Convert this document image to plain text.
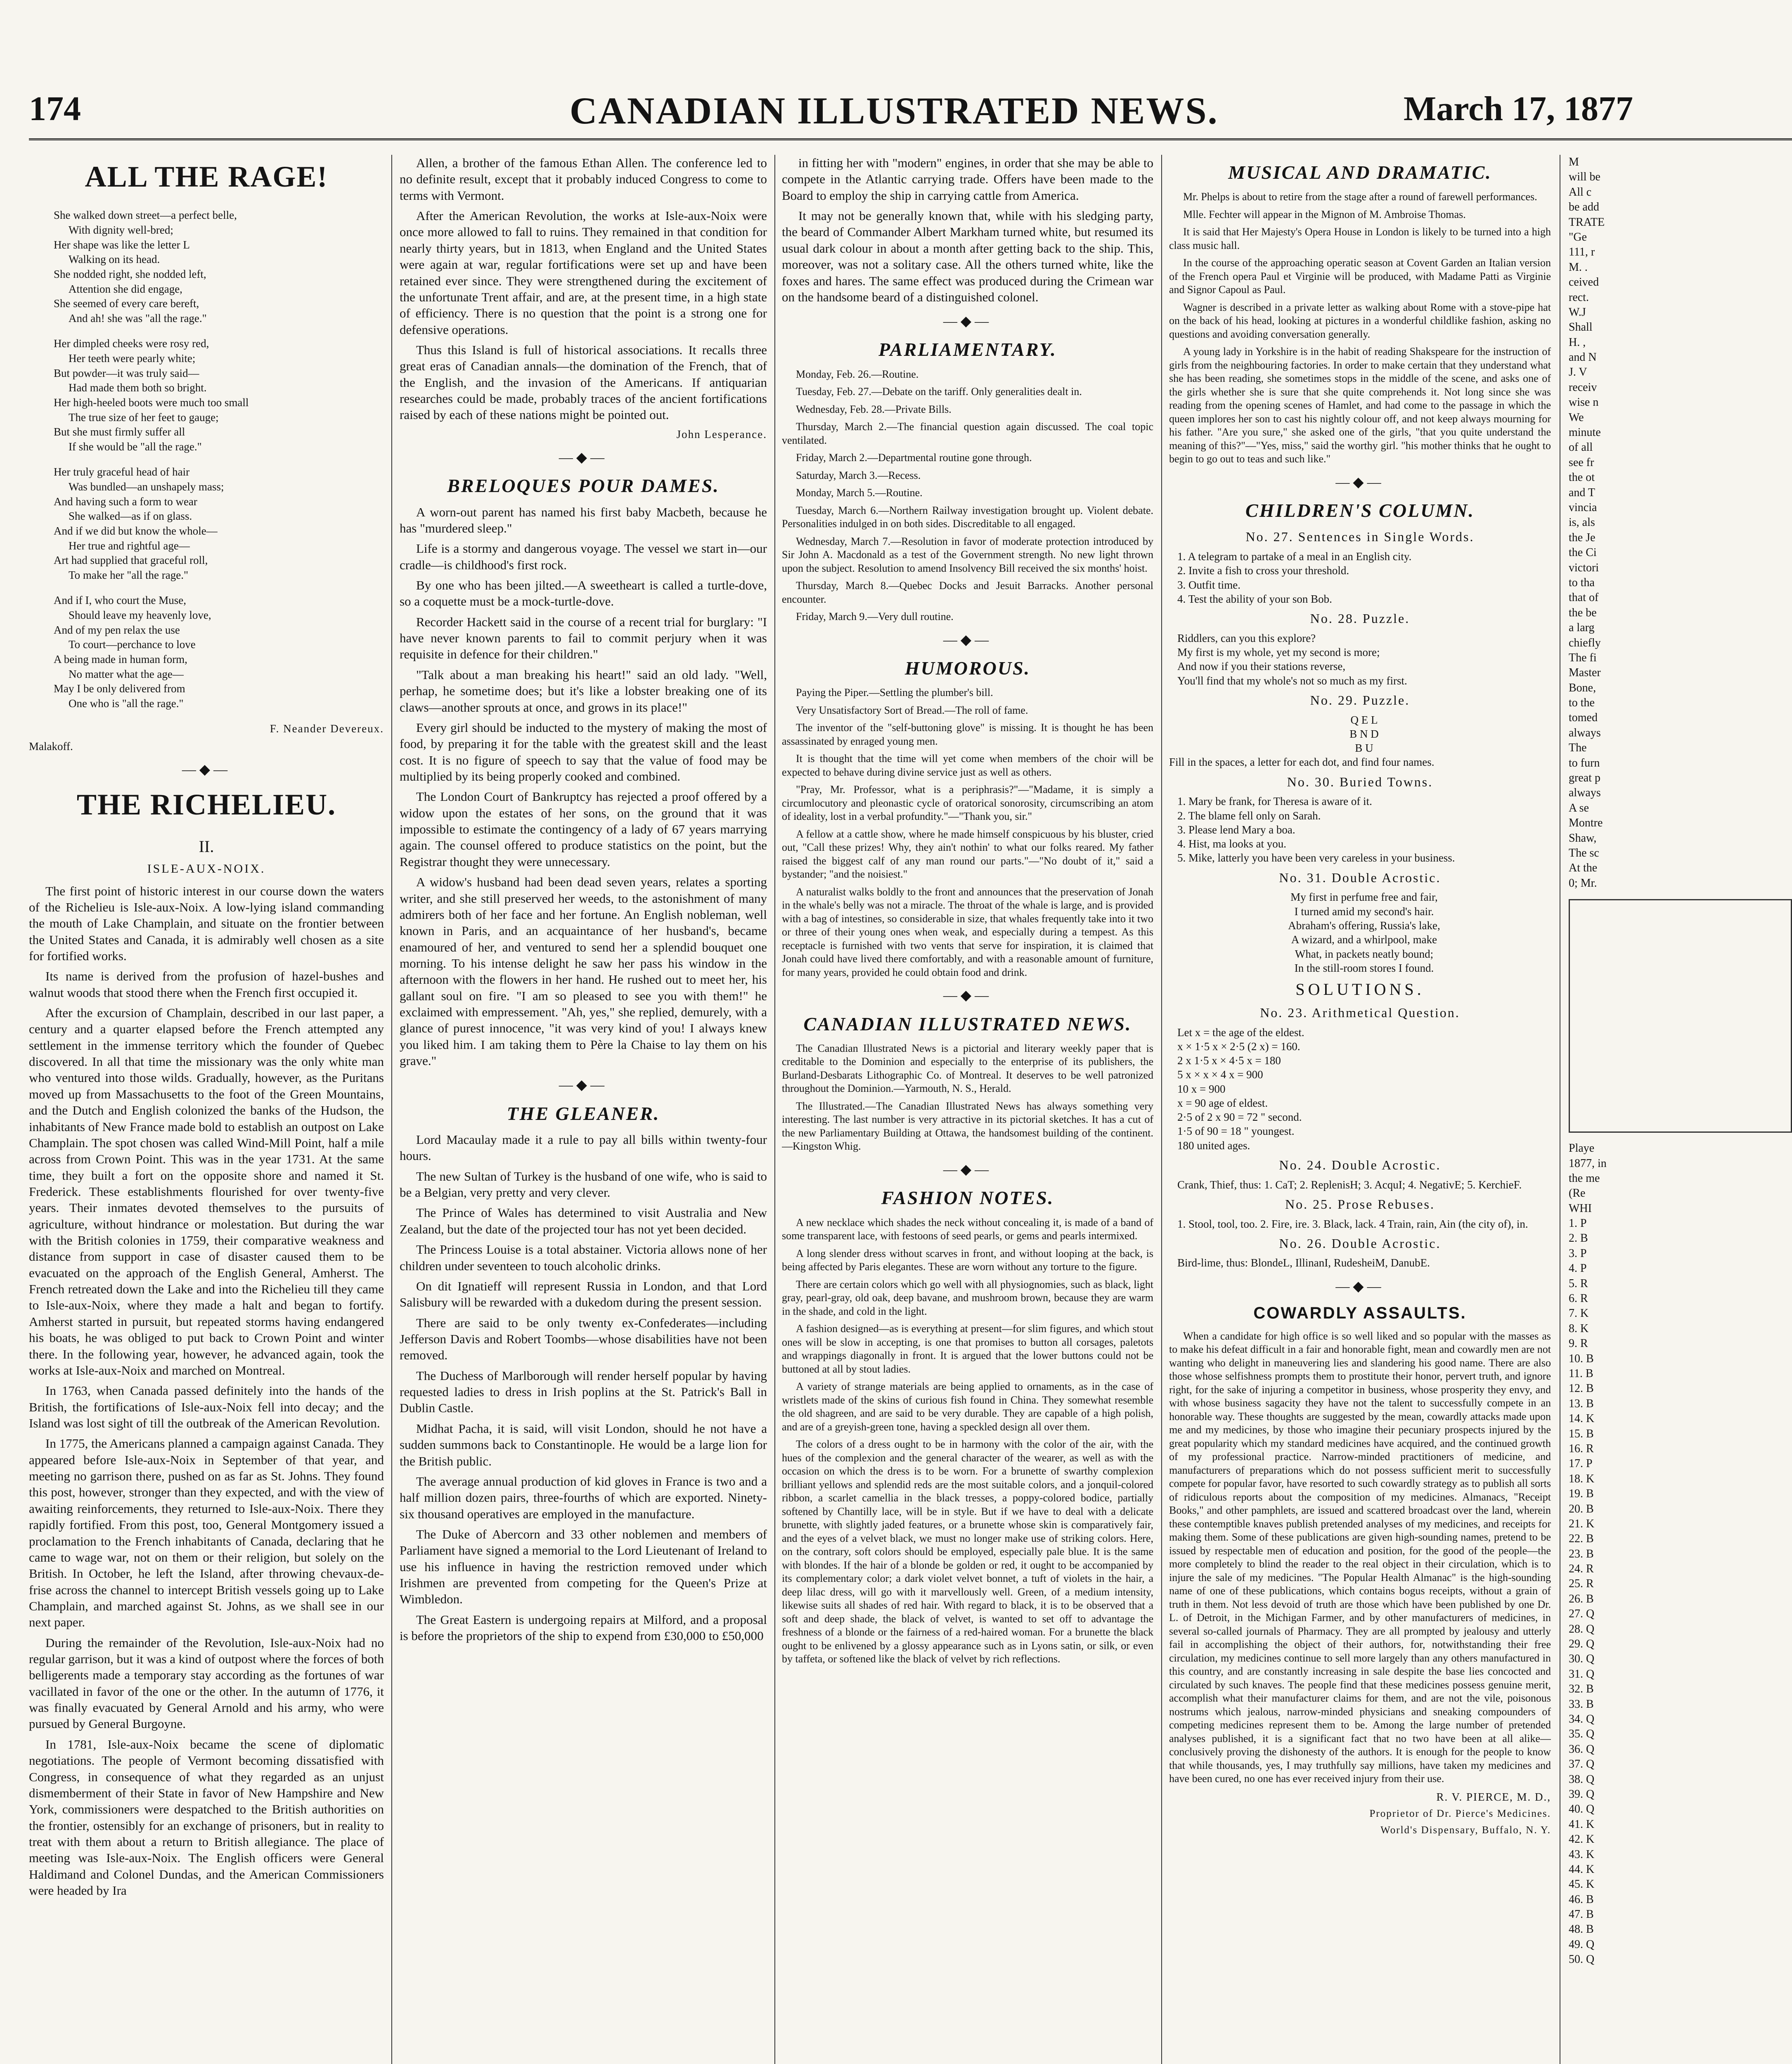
174	CANADIAN ILLUSTRATED NEWS.	March 17, 1877
ALL THE RAGE!
She walked down street—a perfect belle,
With dignity well-bred;
Her shape was like the letter L
Walking on its head.
She nodded right, she nodded left,
Attention she did engage,
She seemed of every care bereft,
And ah! she was "all the rage."
Her dimpled cheeks were rosy red,
Her teeth were pearly white;
But powder—it was truly said—
Had made them both so bright.
Her high-heeled boots were much too small
The true size of her feet to gauge;
But she must firmly suffer all
If she would be "all the rage."
Her truly graceful head of hair
Was bundled—an unshapely mass;
And having such a form to wear
She walked—as if on glass.
And if we did but know the whole—
Her true and rightful age—
Art had supplied that graceful roll,
To make her "all the rage."
And if I, who court the Muse,
Should leave my heavenly love,
And of my pen relax the use
To court—perchance to love
A being made in human form,
No matter what the age—
May I be only delivered from
One who is "all the rage."
F. Neander Devereux.
Malakoff.
—◆—
THE RICHELIEU.
II.
ISLE-AUX-NOIX.

The first point of historic interest in our course down the waters of the Richelieu is Isle-aux-Noix. A low-lying island commanding the mouth of Lake Champlain, and situate on the frontier between the United States and Canada, it is admirably well chosen as a site for fortified works.

Its name is derived from the profusion of hazel-bushes and walnut woods that stood there when the French first occupied it.

After the excursion of Champlain, described in our last paper, a century and a quarter elapsed before the French attempted any settlement in the immense territory which the founder of Quebec discovered. In all that time the missionary was the only white man who ventured into those wilds. Gradually, however, as the Puritans moved up from Massachusetts to the foot of the Green Mountains, and the Dutch and English colonized the banks of the Hudson, the inhabitants of New France made bold to establish an outpost on Lake Champlain. The spot chosen was called Wind-Mill Point, half a mile across from Crown Point. This was in the year 1731. At the same time, they built a fort on the opposite shore and named it St. Frederick. These establishments flourished for over twenty-five years. Their inmates devoted themselves to the pursuits of agriculture, without hindrance or molestation. But during the war with the British colonies in 1759, their comparative weakness and distance from support in case of disaster caused them to be evacuated on the approach of the English General, Amherst. The French retreated down the Lake and into the Richelieu till they came to Isle-aux-Noix, where they made a halt and began to fortify. Amherst started in pursuit, but repeated storms having endangered his boats, he was obliged to put back to Crown Point and winter there. In the following year, however, he advanced again, took the works at Isle-aux-Noix and marched on Montreal.

In 1763, when Canada passed definitely into the hands of the British, the fortifications of Isle-aux-Noix fell into decay; and the Island was lost sight of till the outbreak of the American Revolution.

In 1775, the Americans planned a campaign against Canada. They appeared before Isle-aux-Noix in September of that year, and meeting no garrison there, pushed on as far as St. Johns. They found this post, however, stronger than they expected, and with the view of awaiting reinforcements, they returned to Isle-aux-Noix. There they rapidly fortified. From this post, too, General Montgomery issued a proclamation to the French inhabitants of Canada, declaring that he came to wage war, not on them or their religion, but solely on the British. In October, he left the Island, after throwing chevaux-de-frise across the channel to intercept British vessels going up to Lake Champlain, and marched against St. Johns, as we shall see in our next paper.

During the remainder of the Revolution, Isle-aux-Noix had no regular garrison, but it was a kind of outpost where the forces of both belligerents made a temporary stay according as the fortunes of war vacillated in favor of the one or the other. In the autumn of 1776, it was finally evacuated by General Arnold and his army, who were pursued by General Burgoyne.

In 1781, Isle-aux-Noix became the scene of diplomatic negotiations. The people of Vermont becoming dissatisfied with Congress, in consequence of what they regarded as an unjust dismemberment of their State in favor of New Hampshire and New York, commissioners were despatched to the British authorities on the frontier, ostensibly for an exchange of prisoners, but in reality to treat with them about a return to British allegiance. The place of meeting was Isle-aux-Noix. The English officers were General Haldimand and Colonel Dundas, and the American Commissioners were headed by Ira

Allen, a brother of the famous Ethan Allen. The conference led to no definite result, except that it probably induced Congress to come to terms with Vermont.

After the American Revolution, the works at Isle-aux-Noix were once more allowed to fall to ruins. They remained in that condition for nearly thirty years, but in 1813, when England and the United States were again at war, regular fortifications were set up and have been retained ever since. They were strengthened during the excitement of the unfortunate Trent affair, and are, at the present time, in a high state of efficiency. There is no question that the point is a strong one for defensive operations.

Thus this Island is full of historical associations. It recalls three great eras of Canadian annals—the domination of the French, that of the English, and the invasion of the Americans. If antiquarian researches could be made, probably traces of the ancient fortifications raised by each of these nations might be pointed out.

John Lesperance.
—◆—
BRELOQUES POUR DAMES.

A worn-out parent has named his first baby Macbeth, because he has "murdered sleep."

Life is a stormy and dangerous voyage. The vessel we start in—our cradle—is childhood's first rock.

By one who has been jilted.—A sweetheart is called a turtle-dove, so a coquette must be a mock-turtle-dove.

Recorder Hackett said in the course of a recent trial for burglary: "I have never known parents to fail to commit perjury when it was requisite in defence for their children."

"Talk about a man breaking his heart!" said an old lady. "Well, perhap, he sometime does; but it's like a lobster breaking one of its claws—another sprouts at once, and grows in its place!"

Every girl should be inducted to the mystery of making the most of food, by preparing it for the table with the greatest skill and the least cost. It is no figure of speech to say that the value of food may be multiplied by its being properly cooked and combined.

The London Court of Bankruptcy has rejected a proof offered by a widow upon the estates of her sons, on the ground that it was impossible to estimate the contingency of a lady of 67 years marrying again. The counsel offered to produce statistics on the point, but the Registrar thought they were unnecessary.

A widow's husband had been dead seven years, relates a sporting writer, and she still preserved her weeds, to the astonishment of many admirers both of her face and her fortune. An English nobleman, well known in Paris, and an acquaintance of her husband's, became enamoured of her, and ventured to send her a splendid bouquet one morning. To his intense delight he saw her pass his window in the afternoon with the flowers in her hand. He rushed out to meet her, his gallant soul on fire. "I am so pleased to see you with them!" he exclaimed with empressement. "Ah, yes," she replied, demurely, with a glance of purest innocence, "it was very kind of you! I always knew you liked him. I am taking them to Père la Chaise to lay them on his grave."

—◆—
THE GLEANER.

Lord Macaulay made it a rule to pay all bills within twenty-four hours.

The new Sultan of Turkey is the husband of one wife, who is said to be a Belgian, very pretty and very clever.

The Prince of Wales has determined to visit Australia and New Zealand, but the date of the projected tour has not yet been decided.

The Princess Louise is a total abstainer. Victoria allows none of her children under seventeen to touch alcoholic drinks.

On dit Ignatieff will represent Russia in London, and that Lord Salisbury will be rewarded with a dukedom during the present session.

There are said to be only twenty ex-Confederates—including Jefferson Davis and Robert Toombs—whose disabilities have not been removed.

The Duchess of Marlborough will render herself popular by having requested ladies to dress in Irish poplins at the St. Patrick's Ball in Dublin Castle.

Midhat Pacha, it is said, will visit London, should he not have a sudden summons back to Constantinople. He would be a large lion for the British public.

The average annual production of kid gloves in France is two and a half million dozen pairs, three-fourths of which are exported. Ninety-six thousand operatives are employed in the manufacture.

The Duke of Abercorn and 33 other noblemen and members of Parliament have signed a memorial to the Lord Lieutenant of Ireland to use his influence in having the restriction removed under which Irishmen are prevented from competing for the Queen's Prize at Wimbledon.

The Great Eastern is undergoing repairs at Milford, and a proposal is before the proprietors of the ship to expend from £30,000 to £50,000

in fitting her with "modern" engines, in order that she may be able to compete in the Atlantic carrying trade. Offers have been made to the Board to employ the ship in carrying cattle from America.

It may not be generally known that, while with his sledging party, the beard of Commander Albert Markham turned white, but resumed its usual dark colour in about a month after getting back to the ship. This, moreover, was not a solitary case. All the others turned white, like the foxes and hares. The same effect was produced during the Crimean war on the handsome beard of a distinguished colonel.

—◆—
PARLIAMENTARY.

Monday, Feb. 26.—Routine.

Tuesday, Feb. 27.—Debate on the tariff. Only generalities dealt in.

Wednesday, Feb. 28.—Private Bills.

Thursday, March 2.—The financial question again discussed. The coal topic ventilated.

Friday, March 2.—Departmental routine gone through.

Saturday, March 3.—Recess.

Monday, March 5.—Routine.

Tuesday, March 6.—Northern Railway investigation brought up. Violent debate. Personalities indulged in on both sides. Discreditable to all engaged.

Wednesday, March 7.—Resolution in favor of moderate protection introduced by Sir John A. Macdonald as a test of the Government strength. No new light thrown upon the subject. Resolution to amend Insolvency Bill received the six months' hoist.

Thursday, March 8.—Quebec Docks and Jesuit Barracks. Another personal encounter.

Friday, March 9.—Very dull routine.

—◆—
HUMOROUS.

Paying the Piper.—Settling the plumber's bill.

Very Unsatisfactory Sort of Bread.—The roll of fame.

The inventor of the "self-buttoning glove" is missing. It is thought he has been assassinated by enraged young men.

It is thought that the time will yet come when members of the choir will be expected to behave during divine service just as well as others.

"Pray, Mr. Professor, what is a periphrasis?"—"Madame, it is simply a circumlocutory and pleonastic cycle of oratorical sonorosity, circumscribing an atom of ideality, lost in a verbal profundity."—"Thank you, sir."

A fellow at a cattle show, where he made himself conspicuous by his bluster, cried out, "Call these prizes! Why, they ain't nothin' to what our folks reared. My father raised the biggest calf of any man round our parts."—"No doubt of it," said a bystander; "and the noisiest."

A naturalist walks boldly to the front and announces that the preservation of Jonah in the whale's belly was not a miracle. The throat of the whale is large, and is provided with a bag of intestines, so considerable in size, that whales frequently take into it two or three of their young ones when weak, and especially during a tempest. As this receptacle is furnished with two vents that serve for inspiration, it is claimed that Jonah could have lived there comfortably, and with a reasonable amount of furniture, for many years, provided he could obtain food and drink.

—◆—
CANADIAN ILLUSTRATED NEWS.

The Canadian Illustrated News is a pictorial and literary weekly paper that is creditable to the Dominion and especially to the enterprise of its publishers, the Burland-Desbarats Lithographic Co. of Montreal. It deserves to be well patronized throughout the Dominion.—Yarmouth, N. S., Herald.

The Illustrated.—The Canadian Illustrated News has always something very interesting. The last number is very attractive in its pictorial sketches. It has a cut of the new Parliamentary Building at Ottawa, the handsomest building of the continent.—Kingston Whig.

—◆—
FASHION NOTES.

A new necklace which shades the neck without concealing it, is made of a band of some transparent lace, with festoons of seed pearls, or gems and pearls intermixed.

A long slender dress without scarves in front, and without looping at the back, is being affected by Paris elegantes. These are worn without any torture to the figure.

There are certain colors which go well with all physiognomies, such as black, light gray, pearl-gray, old oak, deep bavane, and mushroom brown, because they are warm in the shade, and cold in the light.

A fashion designed—as is everything at present—for slim figures, and which stout ones will be slow in accepting, is one that promises to button all corsages, paletots and wrappings diagonally in front. It is argued that the lower buttons could not be buttoned at all by stout ladies.

A variety of strange materials are being applied to ornaments, as in the case of wristlets made of the skins of curious fish found in China. They somewhat resemble the old shagreen, and are said to be very durable. They are capable of a high polish, and are of a greyish-green tone, having a speckled design all over them.

The colors of a dress ought to be in harmony with the color of the air, with the hues of the complexion and the general character of the wearer, as well as with the occasion on which the dress is to be worn. For a brunette of swarthy complexion brilliant yellows and splendid reds are the most suitable colors, and a jonquil-colored ribbon, a scarlet camellia in the black tresses, a poppy-colored bodice, partially softened by Chantilly lace, will be in style. But if we have to deal with a delicate brunette, with slightly jaded features, or a brunette whose skin is comparatively fair, and the eyes of a velvet black, we must no longer make use of striking colors. Here, on the contrary, soft colors should be employed, especially pale blue. It is the same with blondes. If the hair of a blonde be golden or red, it ought to be accompanied by its complementary color; a dark violet velvet bonnet, a tuft of violets in the hair, a deep lilac dress, will go with it marvellously well. Green, of a medium intensity, likewise suits all shades of red hair. With regard to black, it is to be observed that a soft and deep shade, the black of velvet, is wanted to set off to advantage the freshness of a blonde or the fairness of a red-haired woman. For a brunette the black ought to be enlivened by a glossy appearance such as in Lyons satin, or silk, or even by taffeta, or softened like the black of velvet by rich reflections.

MUSICAL AND DRAMATIC.

Mr. Phelps is about to retire from the stage after a round of farewell performances.

Mlle. Fechter will appear in the Mignon of M. Ambroise Thomas.

It is said that Her Majesty's Opera House in London is likely to be turned into a high class music hall.

In the course of the approaching operatic season at Covent Garden an Italian version of the French opera Paul et Virginie will be produced, with Madame Patti as Virginie and Signor Capoul as Paul.

Wagner is described in a private letter as walking about Rome with a stove-pipe hat on the back of his head, looking at pictures in a wonderful childlike fashion, asking no questions and avoiding conversation generally.

A young lady in Yorkshire is in the habit of reading Shakspeare for the instruction of girls from the neighbouring factories. In order to make certain that they understand what she has been reading, she sometimes stops in the middle of the scene, and asks one of the girls whether she is sure that she quite comprehends it. Not long since she was reading from the opening scenes of Hamlet, and had come to the passage in which the queen implores her son to cast his nightly colour off, and not keep always mourning for his father. "Are you sure," she asked one of the girls, "that you quite understand the meaning of this?"—"Yes, miss," said the worthy girl. "his mother thinks that he ought to begin to go out to teas and such like."

—◆—
CHILDREN'S COLUMN.
No. 27. Sentences in Single Words.
1. A telegram to partake of a meal in an English city.
2. Invite a fish to cross your threshold.
3. Outfit time.
4. Test the ability of your son Bob.
No. 28. Puzzle.
Riddlers, can you this explore?
My first is my whole, yet my second is more;
And now if you their stations reverse,
You'll find that my whole's not so much as my first.
No. 29. Puzzle.
Q E L
B N D
B U
Fill in the spaces, a letter for each dot, and find four names.
No. 30. Buried Towns.
1. Mary be frank, for Theresa is aware of it.
2. The blame fell only on Sarah.
3. Please lend Mary a boa.
4. Hist, ma looks at you.
5. Mike, latterly you have been very careless in your business.
No. 31. Double Acrostic.
My first in perfume free and fair,
I turned amid my second's hair.
Abraham's offering, Russia's lake,
A wizard, and a whirlpool, make
What, in packets neatly bound;
In the still-room stores I found.
SOLUTIONS.
No. 23. Arithmetical Question.
Let x = the age of the eldest.
x × 1·5 x × 2·5 (2 x) = 160.
2 x 1·5 x × 4·5 x = 180
5 x × x × 4 x = 900
10 x = 900
x = 90 age of eldest.
2·5 of 2 x 90 = 72 " second.
1·5 of 90 = 18 " youngest.
180 united ages.
No. 24. Double Acrostic.
Crank, Thief, thus: 1. CaT; 2. ReplenisH; 3. AcquI; 4. NegativE; 5. KerchieF.
No. 25. Prose Rebuses.
1. Stool, tool, too. 2. Fire, ire. 3. Black, lack. 4 Train, rain, Ain (the city of), in.
No. 26. Double Acrostic.
Bird-lime, thus: BlondeL, IllinanI, RudesheiM, DanubE.
—◆—
COWARDLY ASSAULTS.

When a candidate for high office is so well liked and so popular with the masses as to make his defeat difficult in a fair and honorable fight, mean and cowardly men are not wanting who delight in maneuvering lies and slandering his good name. There are also those whose selfishness prompts them to prostitute their honor, pervert truth, and ignore right, for the sake of injuring a competitor in business, whose prosperity they envy, and with whose business sagacity they have not the talent to successfully compete in an honorable way. These thoughts are suggested by the mean, cowardly attacks made upon me and my medicines, by those who imagine their pecuniary prospects injured by the great popularity which my standard medicines have acquired, and the continued growth of my professional practice. Narrow-minded practitioners of medicine, and manufacturers of preparations which do not possess sufficient merit to successfully compete for popular favor, have resorted to such cowardly strategy as to publish all sorts of ridiculous reports about the composition of my medicines. Almanacs, "Receipt Books," and other pamphlets, are issued and scattered broadcast over the land, wherein these contemptible knaves publish pretended analyses of my medicines, and receipts for making them. Some of these publications are given high-sounding names, pretend to be issued by respectable men of education and position, for the good of the people—the more completely to blind the reader to the real object in their circulation, which is to injure the sale of my medicines. "The Popular Health Almanac" is the high-sounding name of one of these publications, which contains bogus receipts, without a grain of truth in them. Not less devoid of truth are those which have been published by one Dr. L. of Detroit, in the Michigan Farmer, and by other manufacturers of medicines, in several so-called journals of Pharmacy. They are all prompted by jealousy and utterly fail in accomplishing the object of their authors, for, notwithstanding their free circulation, my medicines continue to sell more largely than any others manufactured in this country, and are constantly increasing in sale despite the base lies concocted and circulated by such knaves. The people find that these medicines possess genuine merit, accomplish what their manufacturer claims for them, and are not the vile, poisonous nostrums which jealous, narrow-minded physicians and sneaking compounders of competing medicines represent them to be. Among the large number of pretended analyses published, it is a significant fact that no two have been at all alike—conclusively proving the dishonesty of the authors. It is enough for the people to know that while thousands, yes, I may truthfully say millions, have taken my medicines and have been cured, no one has ever received injury from their use.

R. V. PIERCE, M. D.,
Proprietor of Dr. Pierce's Medicines.
World's Dispensary, Buffalo, N. Y.
M
will be
All c
be add
TRATE
"Ge
111, r
M. .
ceived
rect.
W.J
Shall
H. ,
and N
J. V
receiv
wise n
We
minute
of all
see fr
the ot
and T
vincia
is, als
the Je
the Ci
victori
to tha
that of
the be
a larg
chiefly
The fi
Master
Bone,
to the
tomed
always
The
to furn
great p
always
A se
Montre
Shaw,
The sc
At the
0; Mr.
Playe
1877, in
the me
(Re
WHI
1. P
2. B
3. P
4. P
5. R
6. R
7. K
8. K
9. R
10. B
11. B
12. B
13. B
14. K
15. B
16. R
17. P
18. K
19. B
20. B
21. K
22. B
23. B
24. R
25. R
26. B
27. Q
28. Q
29. Q
30. Q
31. Q
32. B
33. B
34. Q
35. Q
36. Q
37. Q
38. Q
39. Q
40. Q
41. K
42. K
43. K
44. K
45. K
46. B
47. B
48. B
49. Q
50. Q
